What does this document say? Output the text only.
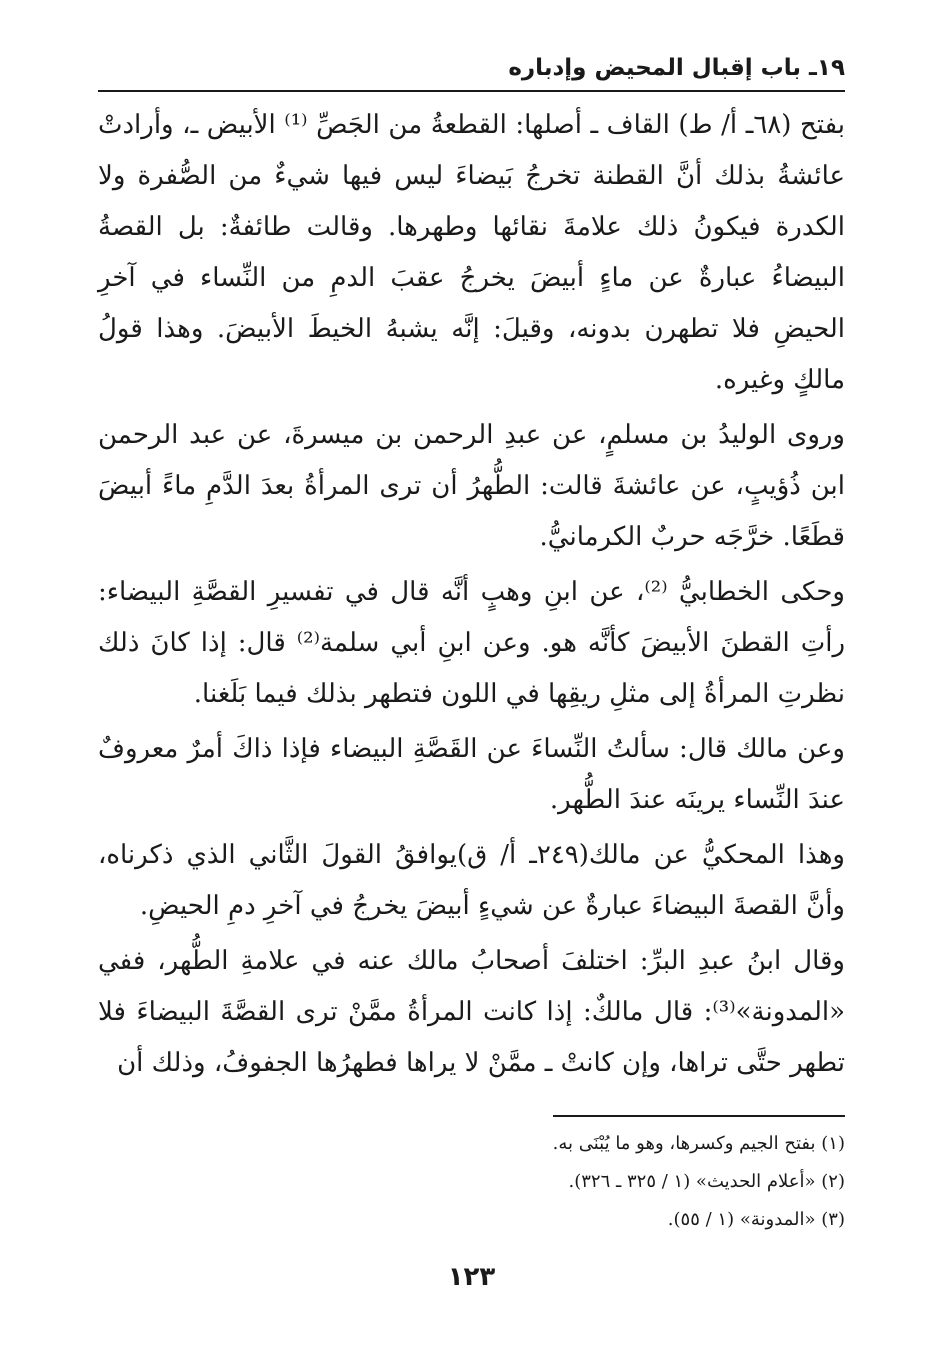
١٩ـ باب إقبال المحيض وإدباره

بفتح (٦٨ـ أ/ ط) القاف ـ أصلها: القطعةُ من الجَصِّ ⁽¹⁾ الأبيض ـ، وأرادتْ عائشةُ بذلك أنَّ القطنة تخرجُ بَيضاءَ ليس فيها شيءٌ من الصُّفرة ولا الكدرة فيكونُ ذلك علامةَ نقائها وطهرها. وقالت طائفةٌ: بل القصةُ البيضاءُ عبارةٌ عن ماءٍ أبيضَ يخرجُ عقبَ الدمِ من النِّساء في آخرِ الحيضِ فلا تطهرن بدونه، وقيلَ: إنَّه يشبهُ الخيطَ الأبيضَ. وهذا قولُ مالكٍ وغيره.

وروى الوليدُ بن مسلمٍ، عن عبدِ الرحمن بن ميسرةَ، عن عبد الرحمن ابن ذُؤيبٍ، عن عائشةَ قالت: الطُّهرُ أن ترى المرأةُ بعدَ الدَّمِ ماءً أبيضَ قطَعًا. خرَّجَه حربٌ الكرمانيُّ.

وحكى الخطابيُّ ⁽²⁾، عن ابنِ وهبٍ أنَّه قال في تفسيرِ القصَّةِ البيضاء: رأتِ القطنَ الأبيضَ كأنَّه هو. وعن ابنِ أبي سلمة⁽²⁾ قال: إذا كانَ ذلك نظرتِ المرأةُ إلى مثلِ ريقِها في اللون فتطهر بذلك فيما بَلَغنا.

وعن مالك قال: سألتُ النِّساءَ عن القَصَّةِ البيضاء فإذا ذاكَ أمرٌ معروفٌ عندَ النِّساء يرينَه عندَ الطُّهر.

وهذا المحكيُّ عن مالك(٢٤٩ـ أ/ ق)يوافقُ القولَ الثَّاني الذي ذكرناه، وأنَّ القصةَ البيضاءَ عبارةٌ عن شيءٍ أبيضَ يخرجُ في آخرِ دمِ الحيضِ.

وقال ابنُ عبدِ البرِّ: اختلفَ أصحابُ مالك عنه في علامةِ الطُّهر، ففي «المدونة»⁽³⁾: قال مالكٌ: إذا كانت المرأةُ ممَّنْ ترى القصَّةَ البيضاءَ فلا تطهر حتَّى تراها، وإن كانتْ ـ ممَّنْ لا يراها فطهرُها الجفوفُ، وذلك أن

(١) بفتح الجيم وكسرها، وهو ما يُبْنَى به.

(٢) «أعلام الحديث» (١ / ٣٢٥ ـ ٣٢٦).

(٣) «المدونة» (١ / ٥٥).

١٢٣
